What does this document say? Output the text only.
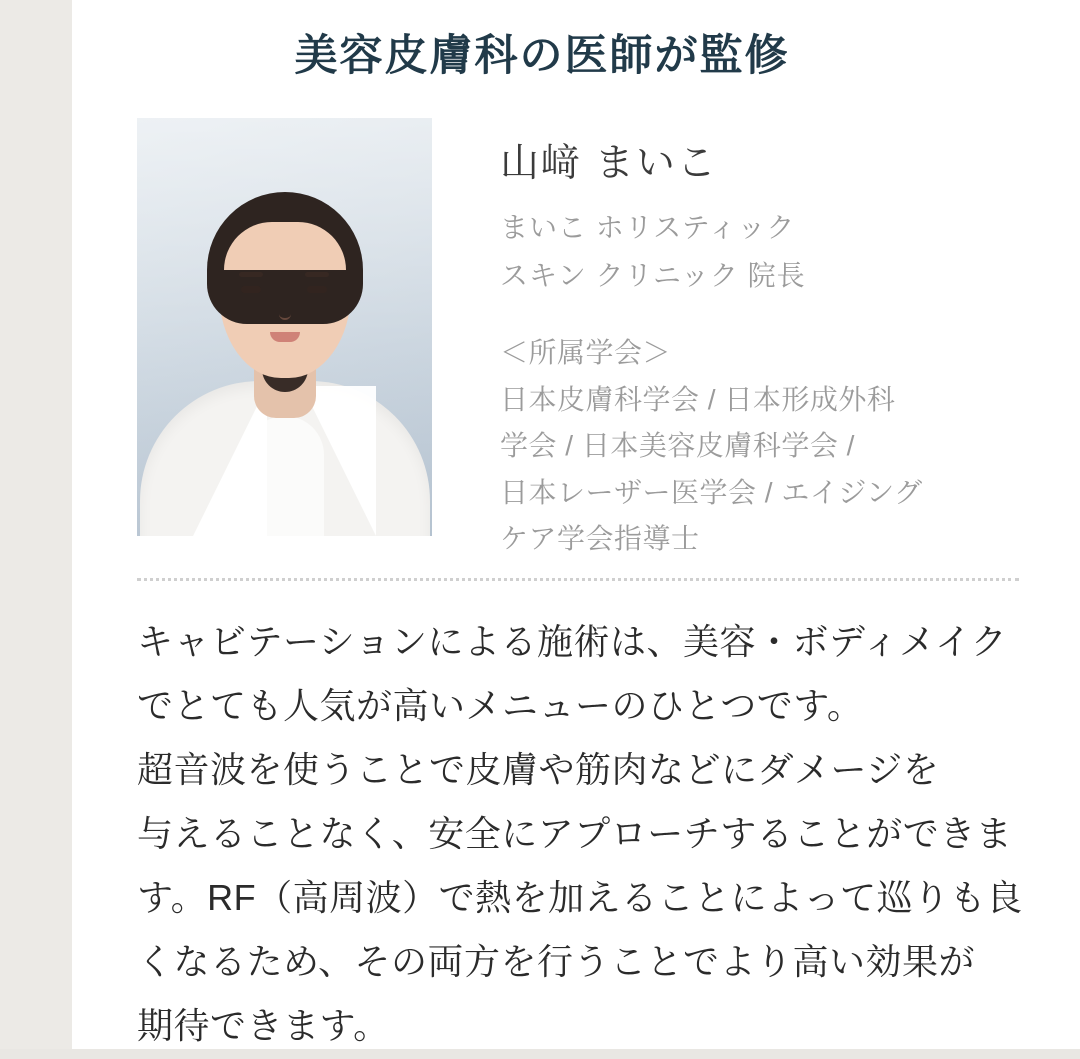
美容皮膚科の医師が監修
山﨑 まいこ
まいこ ホリスティック
スキン クリニック 院長
＜所属学会＞
日本皮膚科学会 / 日本形成外科
学会 / 日本美容皮膚科学会 /
日本レーザー医学会 / エイジング
ケア学会指導士

キャビテーションによる施術は、美容・ボディメイク

でとても人気が高いメニューのひとつです。

超音波を使うことで皮膚や筋肉などにダメージを

与えることなく、安全にアプローチすることができま

す。RF（高周波）で熱を加えることによって巡りも良

くなるため、その両方を行うことでより高い効果が

期待できます。
